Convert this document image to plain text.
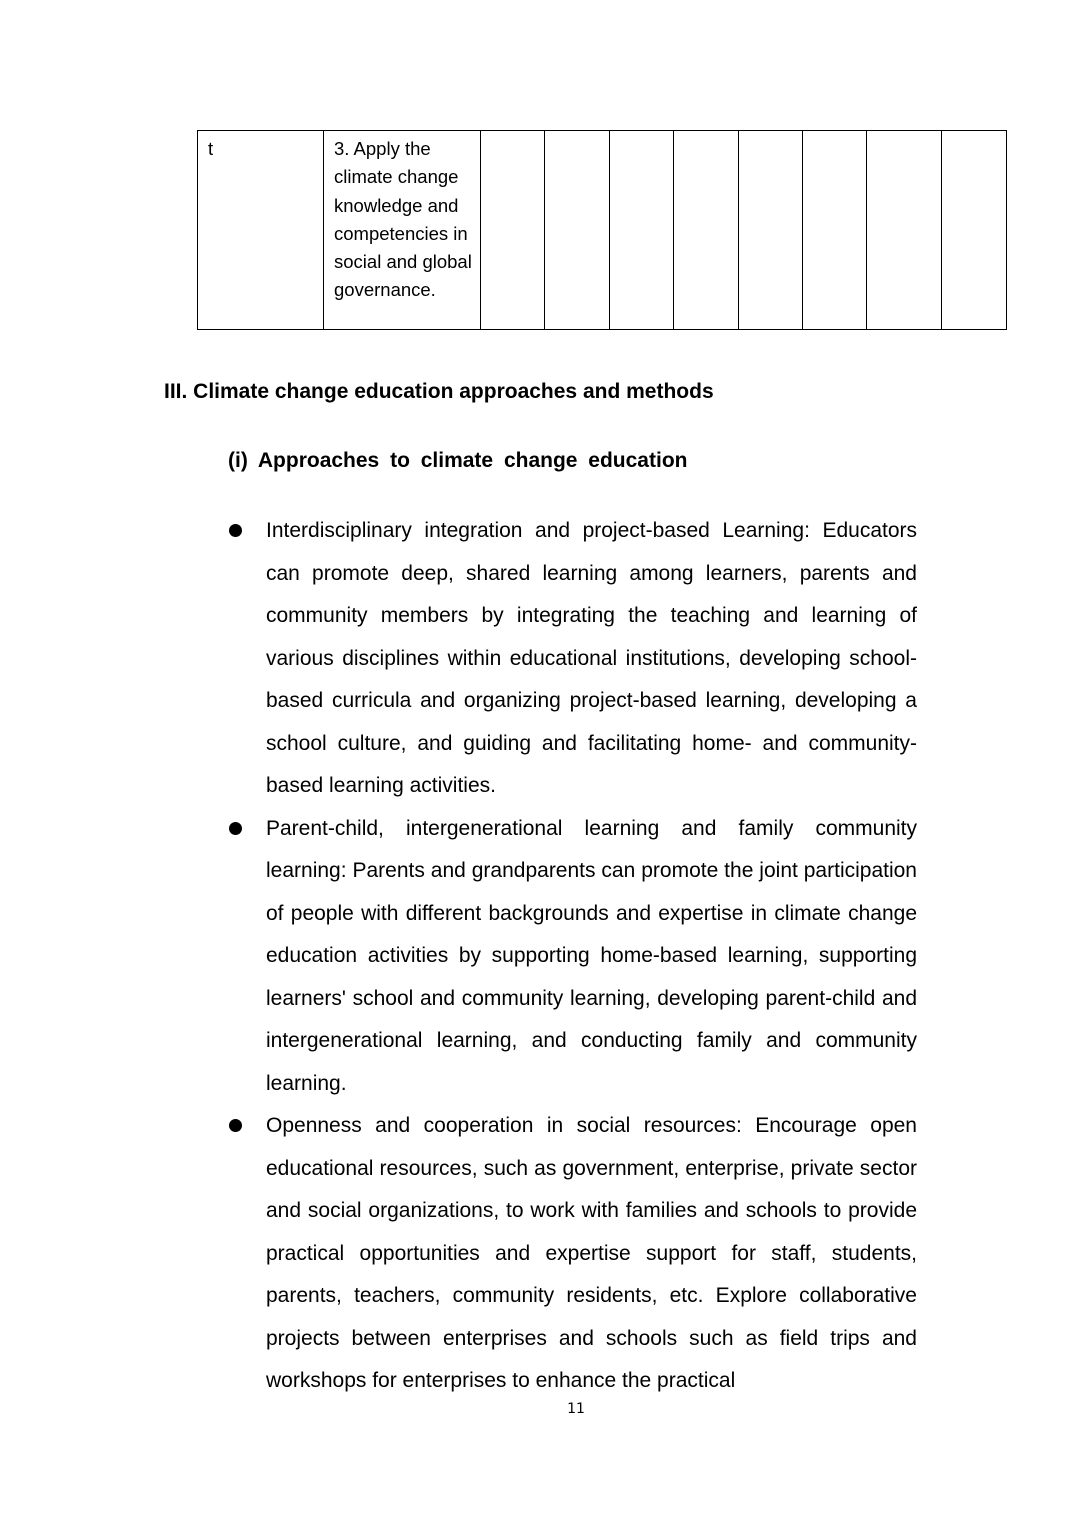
t	3. Apply the climate change knowledge and competencies in social and global governance.								
III. Climate change education approaches and methods
(i) Approaches to climate change education
Interdisciplinary integration and project-based Learning: Educators can promote deep, shared learning among learners, parents and community members by integrating the teaching and learning of various disciplines within educational institutions, developing school-based curricula and organizing project-based learning, developing a school culture, and guiding and facilitating home- and community-based learning activities.
Parent-child, intergenerational learning and family community learning: Parents and grandparents can promote the joint participation of people with different backgrounds and expertise in climate change education activities by supporting home-based learning, supporting learners' school and community learning, developing parent-child and intergenerational learning, and conducting family and community learning.
Openness and cooperation in social resources: Encourage open educational resources, such as government, enterprise, private sector and social organizations, to work with families and schools to provide practical opportunities and expertise support for staff, students, parents, teachers, community residents, etc. Explore collaborative projects between enterprises and schools such as field trips and workshops for enterprises to enhance the practical
11
